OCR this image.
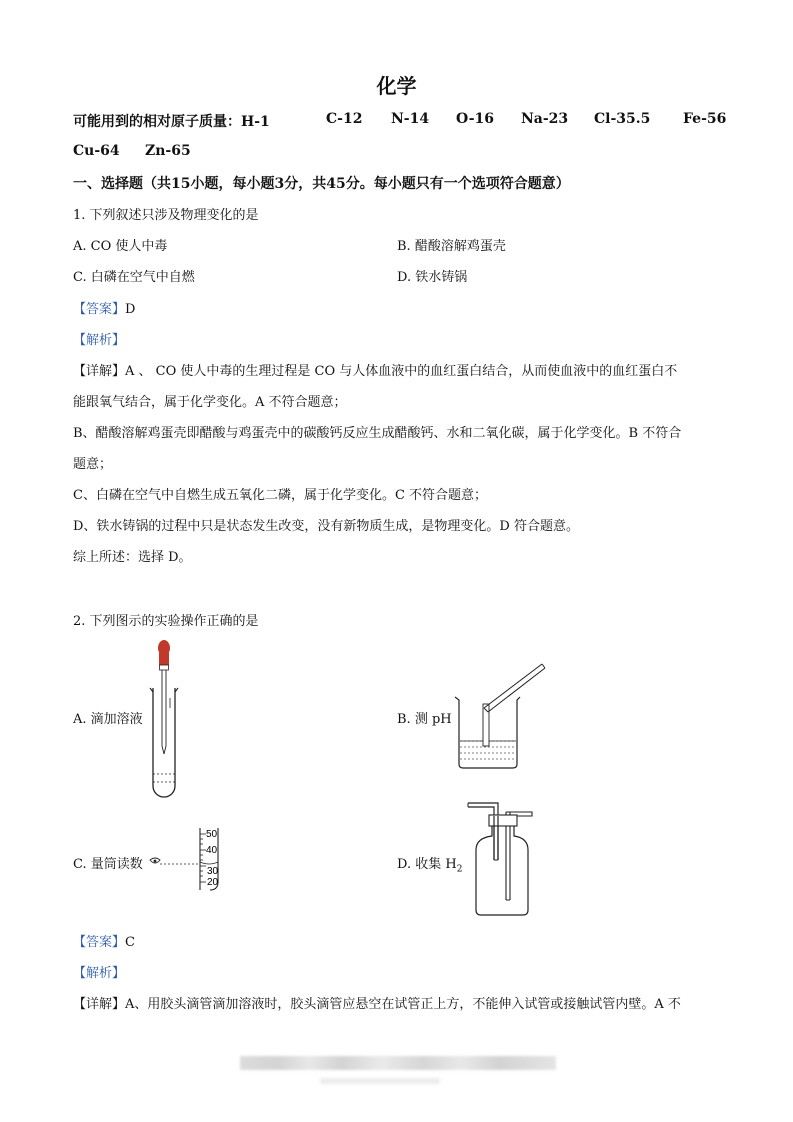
化学
可能用到的相对原子质量：H-1	C-12 N-14 O-16 Na-23 Cl-35.5 Fe-56
Cu-64 Zn-65
一、选择题（共15小题，每小题3分，共45分。每小题只有一个选项符合题意）
1. 下列叙述只涉及物理变化的是
A. CO 使人中毒	B. 醋酸溶解鸡蛋壳
C. 白磷在空气中自燃	D. 铁水铸锅
【答案】D
【解析】
【详解】A 、 CO 使人中毒的生理过程是 CO 与人体血液中的血红蛋白结合，从而使血液中的血红蛋白不
能跟氧气结合，属于化学变化。A 不符合题意；
B、醋酸溶解鸡蛋壳即醋酸与鸡蛋壳中的碳酸钙反应生成醋酸钙、水和二氧化碳，属于化学变化。B 不符合
题意；
C、白磷在空气中自燃生成五氧化二磷，属于化学变化。C 不符合题意；
D、铁水铸锅的过程中只是状态发生改变，没有新物质生成，是物理变化。D 符合题意。
综上所述：选择 D。
2. 下列图示的实验操作正确的是
A. 滴加溶液	B. 测 pH
C. 量筒读数	D. 收集 $H_2$
50
40
30
20
【答案】C
【解析】
【详解】A、用胶头滴管滴加溶液时，胶头滴管应悬空在试管正上方，不能伸入试管或接触试管内壁。A 不
